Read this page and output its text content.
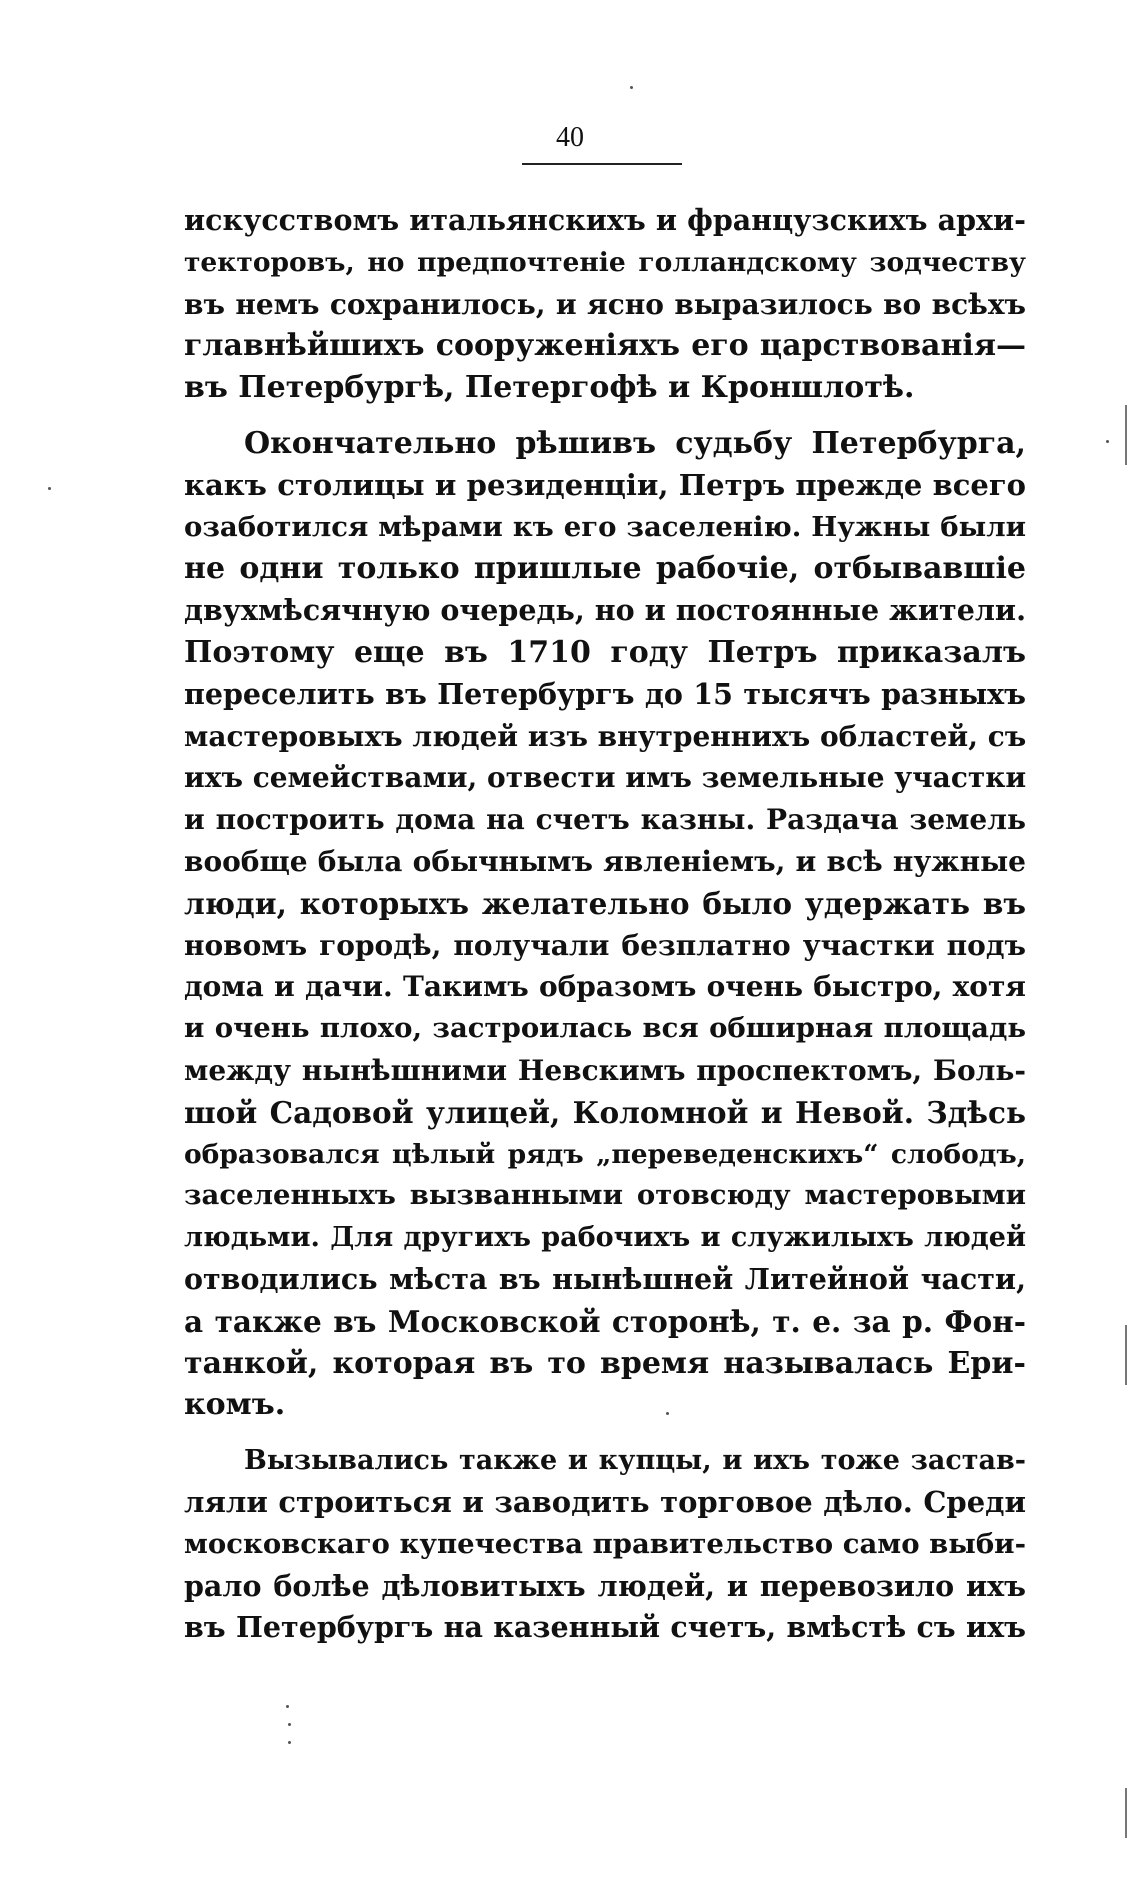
40
искусствомъ итальянскихъ и французскихъ архи-
текторовъ, но предпочтеніе голландскому зодчеству
въ немъ сохранилось, и ясно выразилось во всѣхъ
главнѣйшихъ сооруженіяхъ его царствованія—
въ Петербургѣ, Петергофѣ и Кроншлотѣ.
Окончательно рѣшивъ судьбу Петербурга,
какъ столицы и резиденціи, Петръ прежде всего
озаботился мѣрами къ его заселенію. Нужны были
не одни только пришлые рабочіе, отбывавшіе
двухмѣсячную очередь, но и постоянные жители.
Поэтому еще въ 1710 году Петръ приказалъ
переселить въ Петербургъ до 15 тысячъ разныхъ
мастеровыхъ людей изъ внутреннихъ областей, съ
ихъ семействами, отвести имъ земельные участки
и построить дома на счетъ казны. Раздача земель
вообще была обычнымъ явленіемъ, и всѣ нужные
люди, которыхъ желательно было удержать въ
новомъ городѣ, получали безплатно участки подъ
дома и дачи. Такимъ образомъ очень быстро, хотя
и очень плохо, застроилась вся обширная площадь
между нынѣшними Невскимъ проспектомъ, Боль-
шой Садовой улицей, Коломной и Невой. Здѣсь
образовался цѣлый рядъ „переведенскихъ“ слободъ,
заселенныхъ вызванными отовсюду мастеровыми
людьми. Для другихъ рабочихъ и служилыхъ людей
отводились мѣста въ нынѣшней Литейной части,
а также въ Московской сторонѣ, т. е. за р. Фон-
танкой, которая въ то время называлась Ери-
комъ.
Вызывались также и купцы, и ихъ тоже застав-
ляли строиться и заводить торговое дѣло. Среди
московскаго купечества правительство само выби-
рало болѣе дѣловитыхъ людей, и перевозило ихъ
въ Петербургъ на казенный счетъ, вмѣстѣ съ ихъ
